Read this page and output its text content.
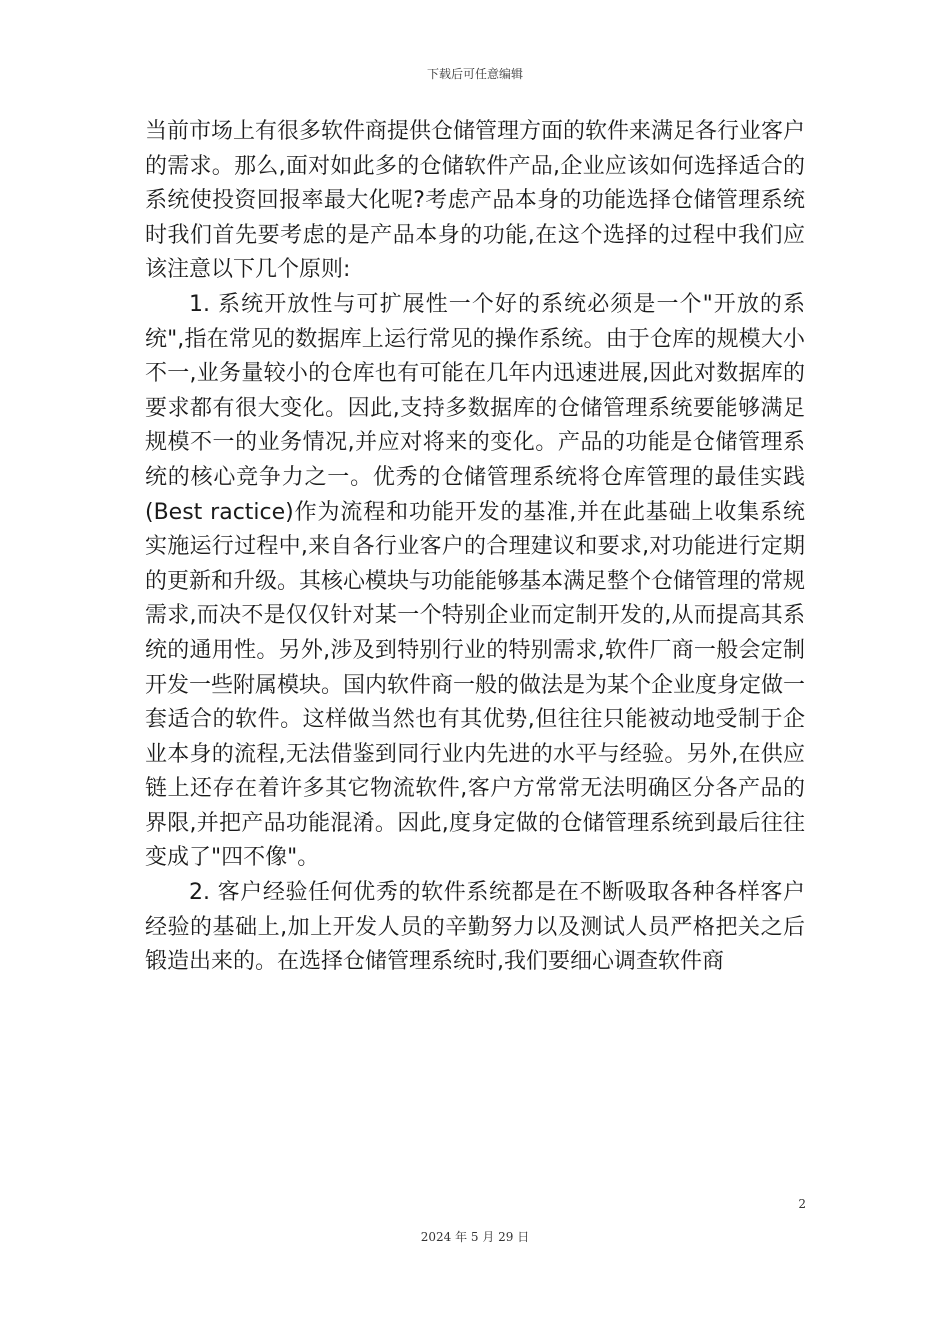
下载后可任意编辑

当前市场上有很多软件商提供仓储管理方面的软件来满足各行业客户的需求。那么,面对如此多的仓储软件产品,企业应该如何选择适合的系统使投资回报率最大化呢?考虑产品本身的功能选择仓储管理系统时我们首先要考虑的是产品本身的功能,在这个选择的过程中我们应该注意以下几个原则:

1. 系统开放性与可扩展性一个好的系统必须是一个"开放的系统",指在常见的数据库上运行常见的操作系统。由于仓库的规模大小不一,业务量较小的仓库也有可能在几年内迅速进展,因此对数据库的要求都有很大变化。因此,支持多数据库的仓储管理系统要能够满足规模不一的业务情况,并应对将来的变化。产品的功能是仓储管理系统的核心竞争力之一。优秀的仓储管理系统将仓库管理的最佳实践(Best ractice)作为流程和功能开发的基准,并在此基础上收集系统实施运行过程中,来自各行业客户的合理建议和要求,对功能进行定期的更新和升级。其核心模块与功能能够基本满足整个仓储管理的常规需求,而决不是仅仅针对某一个特别企业而定制开发的,从而提高其系统的通用性。另外,涉及到特别行业的特别需求,软件厂商一般会定制开发一些附属模块。国内软件商一般的做法是为某个企业度身定做一套适合的软件。这样做当然也有其优势,但往往只能被动地受制于企业本身的流程,无法借鉴到同行业内先进的水平与经验。另外,在供应链上还存在着许多其它物流软件,客户方常常无法明确区分各产品的界限,并把产品功能混淆。因此,度身定做的仓储管理系统到最后往往变成了"四不像"。

2. 客户经验任何优秀的软件系统都是在不断吸取各种各样客户经验的基础上,加上开发人员的辛勤努力以及测试人员严格把关之后锻造出来的。在选择仓储管理系统时,我们要细心调查软件商

2
2024 年 5 月 29 日
